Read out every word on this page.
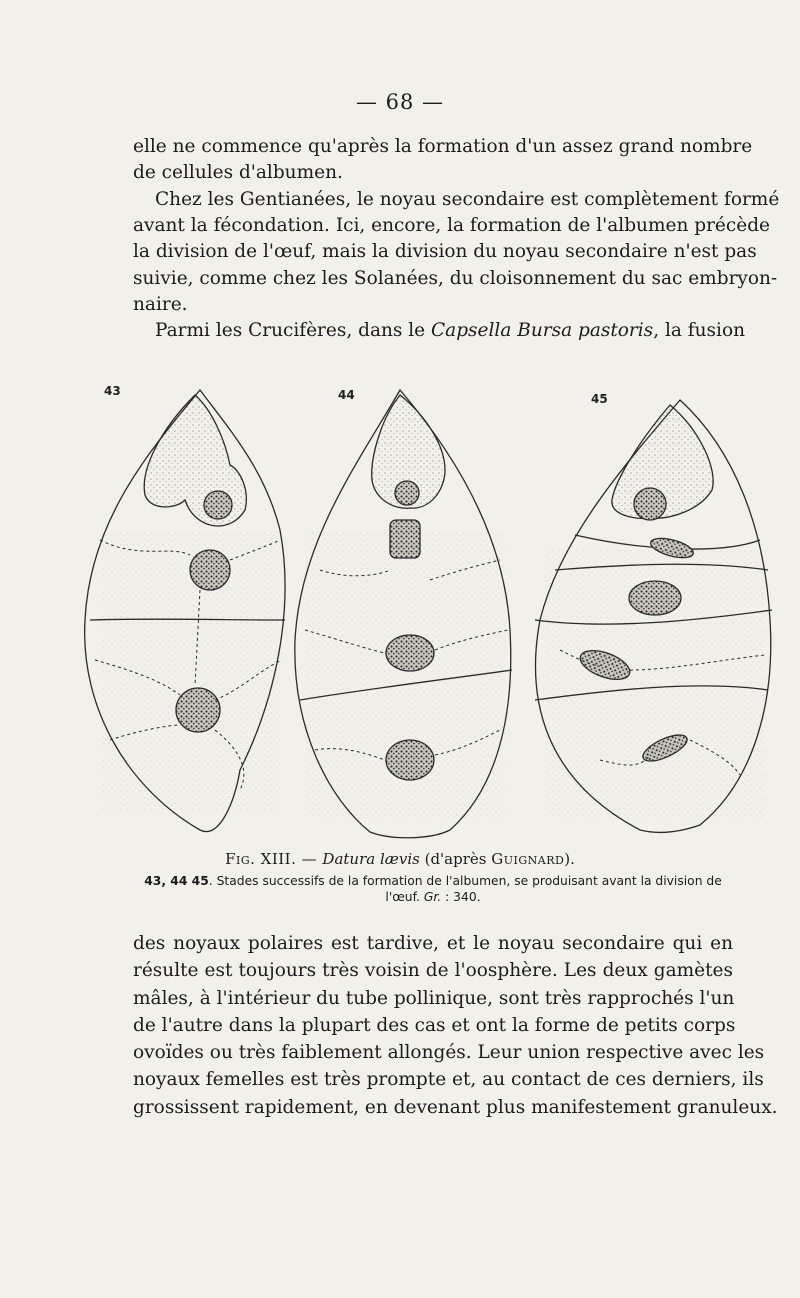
— 68 —

elle ne commence qu'après la formation d'un assez grand nombre
de cellules d'albumen.

Chez les Gentianées, le noyau secondaire est complètement formé
avant la fécondation. Ici, encore, la formation de l'albumen précède
la division de l'œuf, mais la division du noyau secondaire n'est pas
suivie, comme chez les Solanées, du cloisonnement du sac embryon-
naire.

Parmi les Crucifères, dans le Capsella Bursa pastoris, la fusion

43	44	45
Fig. XIII. — Datura lævis (d'après Guignard).
43, 44 45. Stades successifs de la formation de l'albumen, se produisant avant la division de l'œuf. Gr. : 340.

des noyaux polaires est tardive, et le noyau secondaire qui en
résulte est toujours très voisin de l'oosphère. Les deux gamètes
mâles, à l'intérieur du tube pollinique, sont très rapprochés l'un
de l'autre dans la plupart des cas et ont la forme de petits corps
ovoïdes ou très faiblement allongés. Leur union respective avec les
noyaux femelles est très prompte et, au contact de ces derniers, ils
grossissent rapidement, en devenant plus manifestement granuleux.
